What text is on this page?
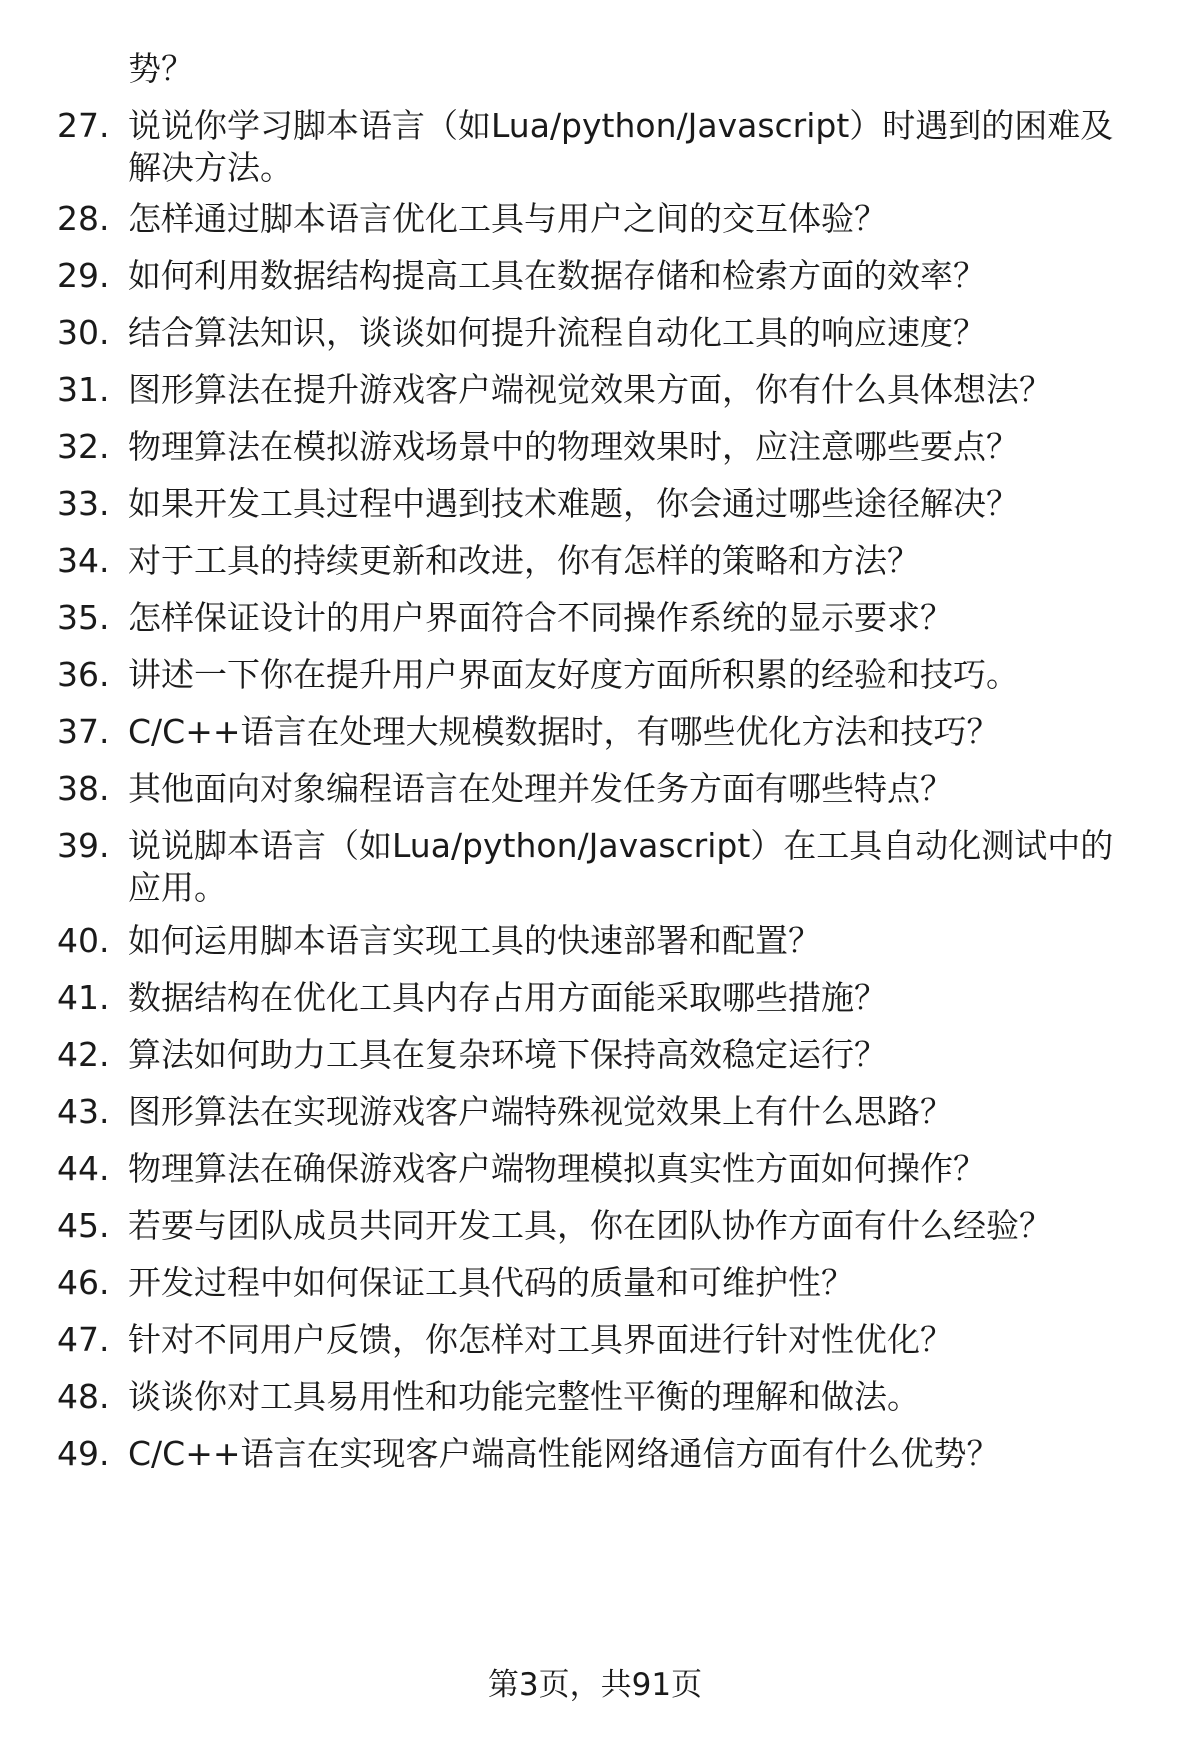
势？
27. 说说你学习脚本语言（如Lua/python/Javascript）时遇到的困难及解决方法。
28. 怎样通过脚本语言优化工具与用户之间的交互体验？
29. 如何利用数据结构提高工具在数据存储和检索方面的效率？
30. 结合算法知识，谈谈如何提升流程自动化工具的响应速度？
31. 图形算法在提升游戏客户端视觉效果方面，你有什么具体想法？
32. 物理算法在模拟游戏场景中的物理效果时，应注意哪些要点？
33. 如果开发工具过程中遇到技术难题，你会通过哪些途径解决？
34. 对于工具的持续更新和改进，你有怎样的策略和方法？
35. 怎样保证设计的用户界面符合不同操作系统的显示要求？
36. 讲述一下你在提升用户界面友好度方面所积累的经验和技巧。
37. C/C++语言在处理大规模数据时，有哪些优化方法和技巧？
38. 其他面向对象编程语言在处理并发任务方面有哪些特点？
39. 说说脚本语言（如Lua/python/Javascript）在工具自动化测试中的应用。
40. 如何运用脚本语言实现工具的快速部署和配置？
41. 数据结构在优化工具内存占用方面能采取哪些措施？
42. 算法如何助力工具在复杂环境下保持高效稳定运行？
43. 图形算法在实现游戏客户端特殊视觉效果上有什么思路？
44. 物理算法在确保游戏客户端物理模拟真实性方面如何操作？
45. 若要与团队成员共同开发工具，你在团队协作方面有什么经验？
46. 开发过程中如何保证工具代码的质量和可维护性？
47. 针对不同用户反馈，你怎样对工具界面进行针对性优化？
48. 谈谈你对工具易用性和功能完整性平衡的理解和做法。
49. C/C++语言在实现客户端高性能网络通信方面有什么优势？
第3页，共91页
